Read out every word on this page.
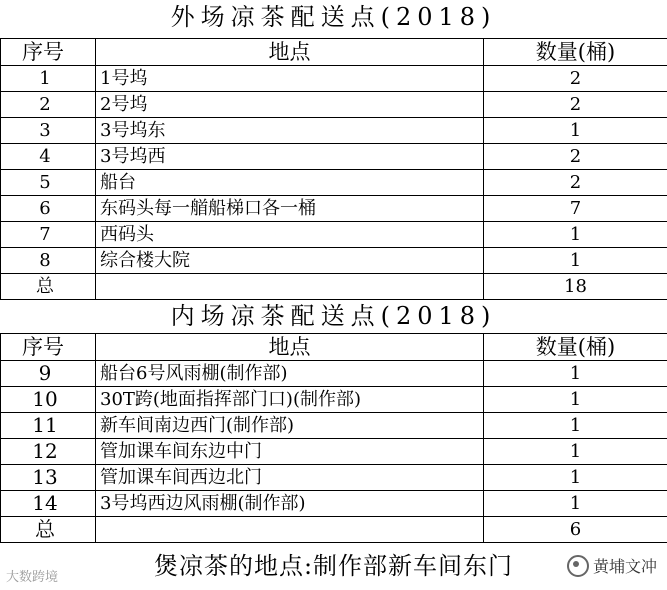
外场凉茶配送点(2018)
序号	地点	数量(桶)
1	1号坞	2
2	2号坞	2
3	3号坞东	1
4	3号坞西	2
5	船台	2
6	东码头每一艏船梯口各一桶	7
7	西码头	1
8	综合楼大院	1
总		18
内场凉茶配送点(2018)
序号	地点	数量(桶)
9	船台6号风雨棚(制作部)	1
10	30T跨(地面指挥部门口)(制作部)	1
11	新车间南边西门(制作部)	1
12	管加课车间东边中门	1
13	管加课车间西边北门	1
14	3号坞西边风雨棚(制作部)	1
总		6
煲凉茶的地点:制作部新车间东门
大数跨境
黄埔文冲
